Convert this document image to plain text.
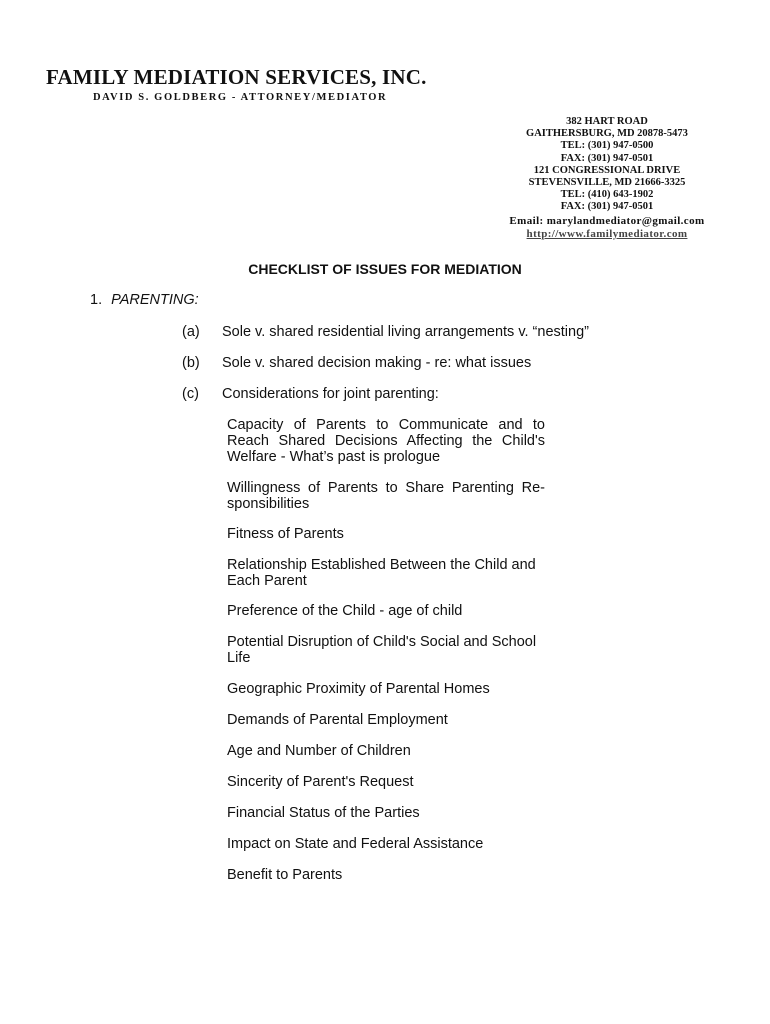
FAMILY MEDIATION SERVICES, INC.
DAVID S. GOLDBERG - ATTORNEY/MEDIATOR
382 HART ROAD
GAITHERSBURG, MD 20878-5473
TEL: (301) 947-0500
FAX: (301) 947-0501
121 CONGRESSIONAL DRIVE
STEVENSVILLE, MD 21666-3325
TEL: (410) 643-1902
FAX: (301) 947-0501
Email: marylandmediator@gmail.com
http://www.familymediator.com
CHECKLIST OF ISSUES FOR MEDIATION
1. PARENTING:
(a) Sole v. shared residential living arrangements v. “nesting”
(b) Sole v. shared decision making - re: what issues
(c) Considerations for joint parenting:
Capacity of Parents to Communicate and to Reach Shared Decisions Affecting the Child's Welfare - What’s past is prologue
Willingness of Parents to Share Parenting Re-sponsibilities
Fitness of Parents
Relationship Established Between the Child and Each Parent
Preference of the Child - age of child
Potential Disruption of Child's Social and School Life
Geographic Proximity of Parental Homes
Demands of Parental Employment
Age and Number of Children
Sincerity of Parent's Request
Financial Status of the Parties
Impact on State and Federal Assistance
Benefit to Parents
